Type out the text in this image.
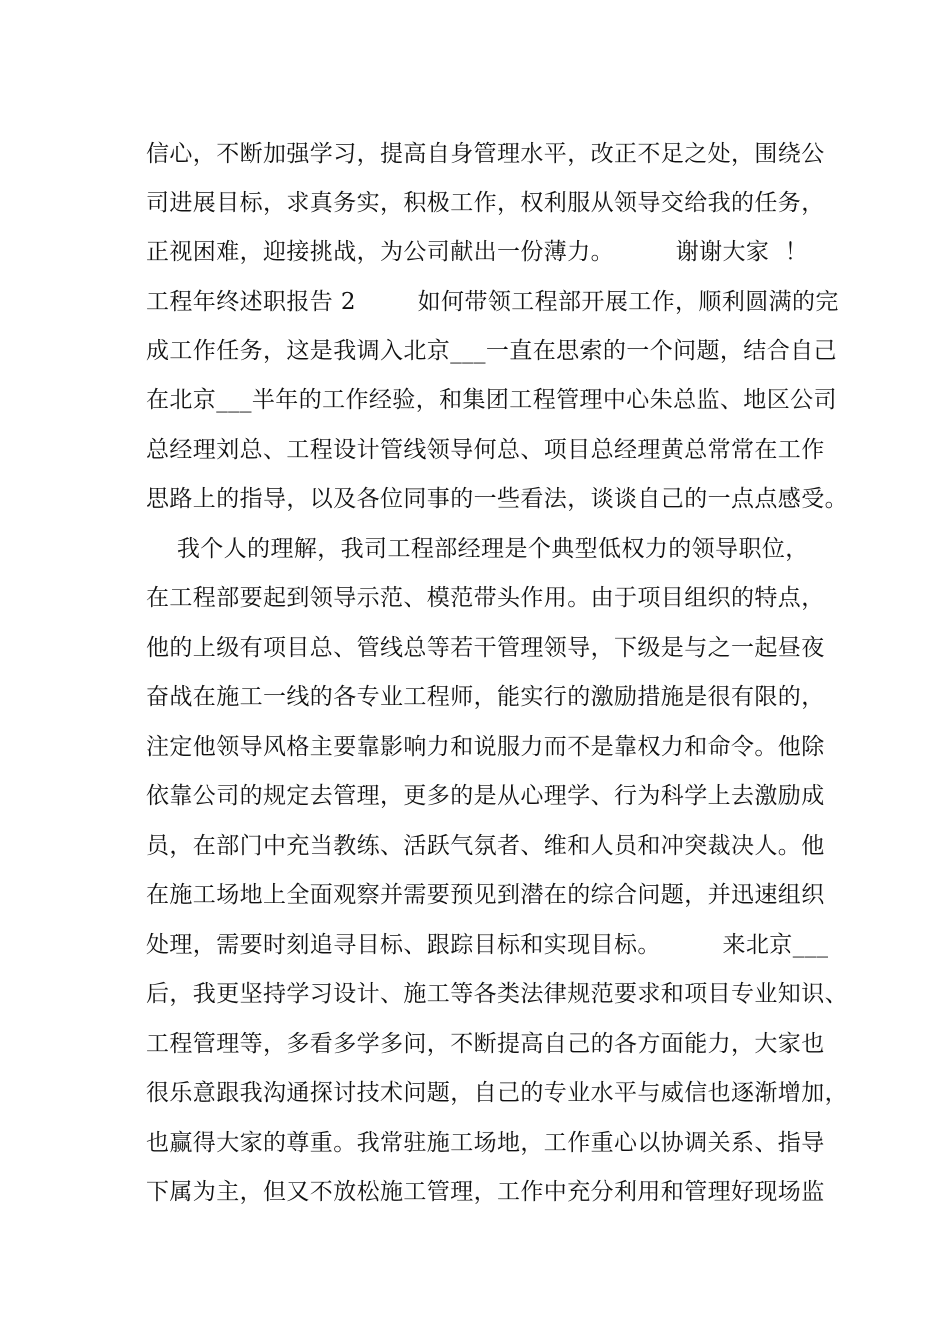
信心，不断加强学习，提高自身管理水平，改正不足之处，围绕公
司进展目标，求真务实，积极工作，权利服从领导交给我的任务，
正视困难，迎接挑战，为公司献出一份薄力。        谢谢大家  ！
工程年终述职报告 2        如何带领工程部开展工作，顺利圆满的完
成工作任务，这是我调入北京___一直在思索的一个问题，结合自己
在北京___半年的工作经验，和集团工程管理中心朱总监、地区公司
总经理刘总、工程设计管线领导何总、项目总经理黄总常常在工作
思路上的指导，以及各位同事的一些看法，谈谈自己的一点点感受。
我个人的理解，我司工程部经理是个典型低权力的领导职位，
在工程部要起到领导示范、模范带头作用。由于项目组织的特点，
他的上级有项目总、管线总等若干管理领导，下级是与之一起昼夜
奋战在施工一线的各专业工程师，能实行的激励措施是很有限的，
注定他领导风格主要靠影响力和说服力而不是靠权力和命令。他除
依靠公司的规定去管理，更多的是从心理学、行为科学上去激励成
员，在部门中充当教练、活跃气氛者、维和人员和冲突裁决人。他
在施工场地上全面观察并需要预见到潜在的综合问题，并迅速组织
处理，需要时刻追寻目标、跟踪目标和实现目标。        来北京___
后，我更坚持学习设计、施工等各类法律规范要求和项目专业知识、
工程管理等，多看多学多问，不断提高自己的各方面能力，大家也
很乐意跟我沟通探讨技术问题，自己的专业水平与威信也逐渐增加，
也赢得大家的尊重。我常驻施工场地，工作重心以协调关系、指导
下属为主，但又不放松施工管理，工作中充分利用和管理好现场监
